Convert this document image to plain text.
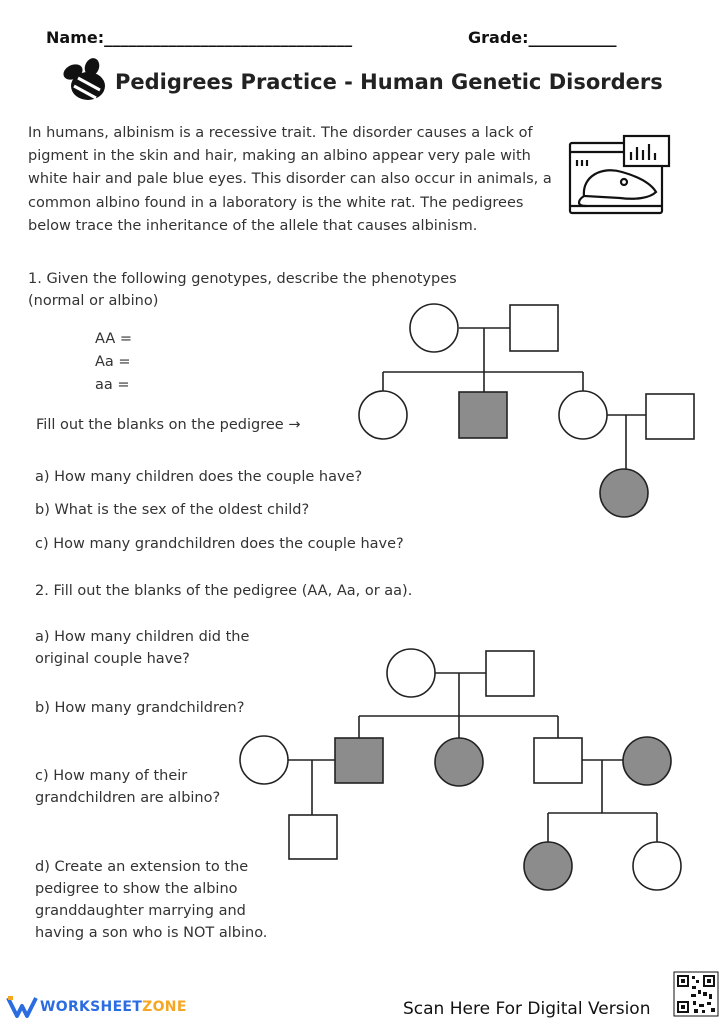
Name:_______________________________	Grade:___________
Pedigrees Practice - Human Genetic Disorders
In humans, albinism is a recessive trait. The disorder causes a lack of pigment in the skin and hair, making an albino appear very pale with white hair and pale blue eyes. This disorder can also occur in animals, a common albino found in a laboratory is the white rat. The pedigrees below trace the inheritance of the allele that causes albinism.
1. Given the following genotypes, describe the phenotypes
(normal or albino)
AA =
Aa =
aa =
Fill out the blanks on the pedigree →
a) How many children does the couple have?
b) What is the sex of the oldest child?
c) How many grandchildren does the couple have?
2. Fill out the blanks of the pedigree (AA, Aa, or aa).
a) How many children did the
original couple have?
b) How many grandchildren?
c) How many of their
grandchildren are albino?
d) Create an extension to the
pedigree to show the albino
granddaughter marrying and
having a son who is NOT albino.
WORKSHEETZONE	Scan Here For Digital Version
